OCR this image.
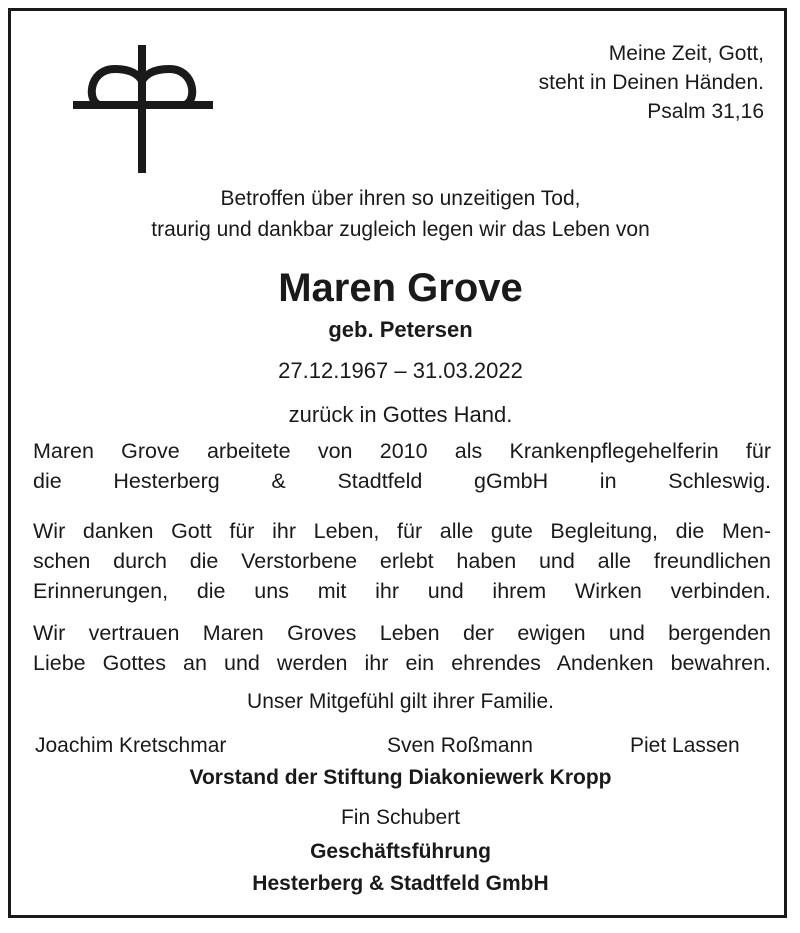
Meine Zeit, Gott,
steht in Deinen Händen.
Psalm 31,16
Betroffen über ihren so unzeitigen Tod,
traurig und dankbar zugleich legen wir das Leben von
Maren Grove
geb. Petersen
27.12.1967 – 31.03.2022
zurück in Gottes Hand.
Maren Grove arbeitete von 2010 als Krankenpflegehelferin für
die Hesterberg & Stadtfeld gGmbH in Schleswig.
Wir danken Gott für ihr Leben, für alle gute Begleitung, die Men-
schen durch die Verstorbene erlebt haben und alle freundlichen
Erinnerungen, die uns mit ihr und ihrem Wirken verbinden.
Wir vertrauen Maren Groves Leben der ewigen und bergenden
Liebe Gottes an und werden ihr ein ehrendes Andenken bewahren.
Unser Mitgefühl gilt ihrer Familie.
Joachim Kretschmar	Sven Roßmann	Piet Lassen
Vorstand der Stiftung Diakoniewerk Kropp
Fin Schubert
Geschäftsführung
Hesterberg & Stadtfeld GmbH
